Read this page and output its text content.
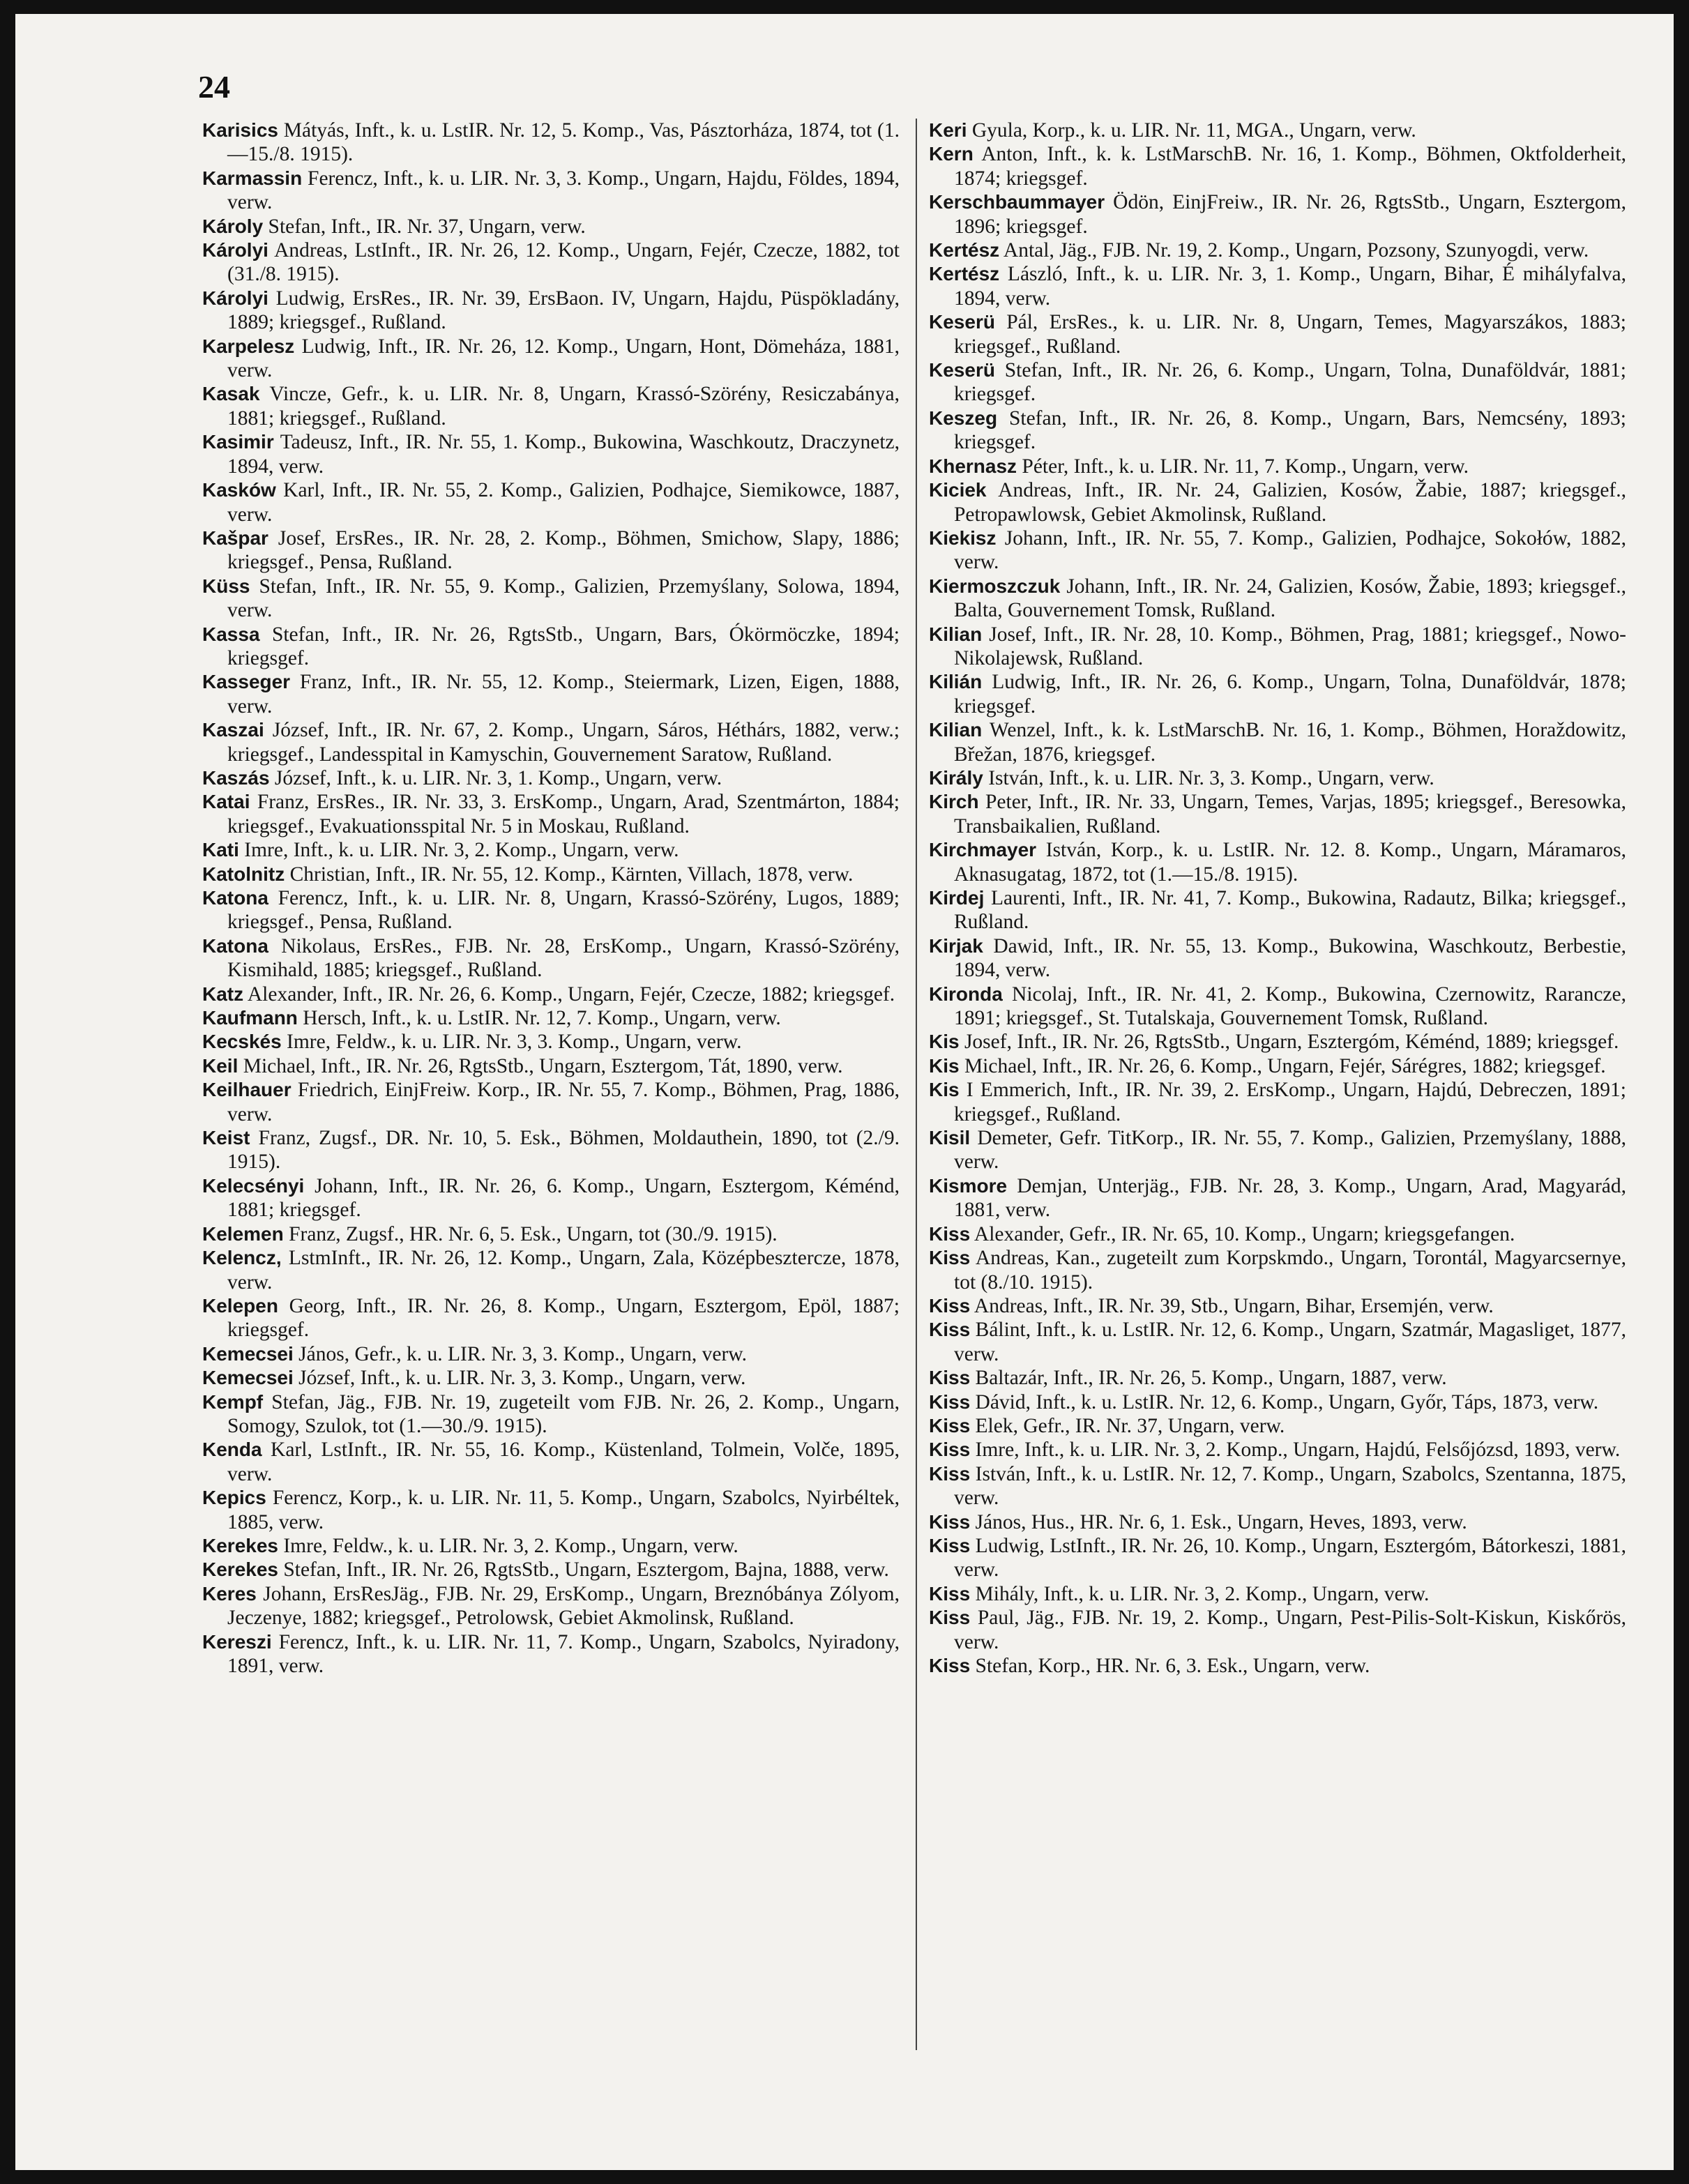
24

Karisics Mátyás, Inft., k. u. LstIR. Nr. 12, 5. Komp., Vas, Pásztorháza, 1874, tot (1.—15./8. 1915).

Karmassin Ferencz, Inft., k. u. LIR. Nr. 3, 3. Komp., Ungarn, Hajdu, Földes, 1894, verw.

Károly Stefan, Inft., IR. Nr. 37, Ungarn, verw.

Károlyi Andreas, LstInft., IR. Nr. 26, 12. Komp., Ungarn, Fejér, Czecze, 1882, tot (31./8. 1915).

Károlyi Ludwig, ErsRes., IR. Nr. 39, ErsBaon. IV, Ungarn, Hajdu, Püspökladány, 1889; kriegsgef., Rußland.

Karpelesz Ludwig, Inft., IR. Nr. 26, 12. Komp., Ungarn, Hont, Dömeháza, 1881, verw.

Kasak Vincze, Gefr., k. u. LIR. Nr. 8, Ungarn, Krassó-Szörény, Resiczabánya, 1881; kriegsgef., Rußland.

Kasimir Tadeusz, Inft., IR. Nr. 55, 1. Komp., Bukowina, Waschkoutz, Draczynetz, 1894, verw.

Kasków Karl, Inft., IR. Nr. 55, 2. Komp., Galizien, Podhajce, Siemikowce, 1887, verw.

Kašpar Josef, ErsRes., IR. Nr. 28, 2. Komp., Böhmen, Smichow, Slapy, 1886; kriegsgef., Pensa, Rußland.

Küss Stefan, Inft., IR. Nr. 55, 9. Komp., Galizien, Przemyślany, Solowa, 1894, verw.

Kassa Stefan, Inft., IR. Nr. 26, RgtsStb., Ungarn, Bars, Ókörmöczke, 1894; kriegsgef.

Kasseger Franz, Inft., IR. Nr. 55, 12. Komp., Steiermark, Lizen, Eigen, 1888, verw.

Kaszai József, Inft., IR. Nr. 67, 2. Komp., Ungarn, Sáros, Héthárs, 1882, verw.; kriegsgef., Landesspital in Kamyschin, Gouvernement Saratow, Rußland.

Kaszás József, Inft., k. u. LIR. Nr. 3, 1. Komp., Ungarn, verw.

Katai Franz, ErsRes., IR. Nr. 33, 3. ErsKomp., Ungarn, Arad, Szentmárton, 1884; kriegsgef., Evakuationsspital Nr. 5 in Moskau, Rußland.

Kati Imre, Inft., k. u. LIR. Nr. 3, 2. Komp., Ungarn, verw.

Katolnitz Christian, Inft., IR. Nr. 55, 12. Komp., Kärnten, Villach, 1878, verw.

Katona Ferencz, Inft., k. u. LIR. Nr. 8, Ungarn, Krassó-Szörény, Lugos, 1889; kriegsgef., Pensa, Rußland.

Katona Nikolaus, ErsRes., FJB. Nr. 28, ErsKomp., Ungarn, Krassó-Szörény, Kismihald, 1885; kriegsgef., Rußland.

Katz Alexander, Inft., IR. Nr. 26, 6. Komp., Ungarn, Fejér, Czecze, 1882; kriegsgef.

Kaufmann Hersch, Inft., k. u. LstIR. Nr. 12, 7. Komp., Ungarn, verw.

Kecskés Imre, Feldw., k. u. LIR. Nr. 3, 3. Komp., Ungarn, verw.

Keil Michael, Inft., IR. Nr. 26, RgtsStb., Ungarn, Esztergom, Tát, 1890, verw.

Keilhauer Friedrich, EinjFreiw. Korp., IR. Nr. 55, 7. Komp., Böhmen, Prag, 1886, verw.

Keist Franz, Zugsf., DR. Nr. 10, 5. Esk., Böhmen, Moldauthein, 1890, tot (2./9. 1915).

Kelecsényi Johann, Inft., IR. Nr. 26, 6. Komp., Ungarn, Esztergom, Kéménd, 1881; kriegsgef.

Kelemen Franz, Zugsf., HR. Nr. 6, 5. Esk., Ungarn, tot (30./9. 1915).

Kelencz, LstmInft., IR. Nr. 26, 12. Komp., Ungarn, Zala, Középbesztercze, 1878, verw.

Kelepen Georg, Inft., IR. Nr. 26, 8. Komp., Ungarn, Esztergom, Epöl, 1887; kriegsgef.

Kemecsei János, Gefr., k. u. LIR. Nr. 3, 3. Komp., Ungarn, verw.

Kemecsei József, Inft., k. u. LIR. Nr. 3, 3. Komp., Ungarn, verw.

Kempf Stefan, Jäg., FJB. Nr. 19, zugeteilt vom FJB. Nr. 26, 2. Komp., Ungarn, Somogy, Szulok, tot (1.—30./9. 1915).

Kenda Karl, LstInft., IR. Nr. 55, 16. Komp., Küstenland, Tolmein, Volče, 1895, verw.

Kepics Ferencz, Korp., k. u. LIR. Nr. 11, 5. Komp., Ungarn, Szabolcs, Nyirbéltek, 1885, verw.

Kerekes Imre, Feldw., k. u. LIR. Nr. 3, 2. Komp., Ungarn, verw.

Kerekes Stefan, Inft., IR. Nr. 26, RgtsStb., Ungarn, Esztergom, Bajna, 1888, verw.

Keres Johann, ErsResJäg., FJB. Nr. 29, ErsKomp., Ungarn, Breznóbánya Zólyom, Jeczenye, 1882; kriegsgef., Petrolowsk, Gebiet Akmolinsk, Rußland.

Kereszi Ferencz, Inft., k. u. LIR. Nr. 11, 7. Komp., Ungarn, Szabolcs, Nyiradony, 1891, verw.

Keri Gyula, Korp., k. u. LIR. Nr. 11, MGA., Ungarn, verw.

Kern Anton, Inft., k. k. LstMarschB. Nr. 16, 1. Komp., Böhmen, Oktfolderheit, 1874; kriegsgef.

Kerschbaummayer Ödön, EinjFreiw., IR. Nr. 26, RgtsStb., Ungarn, Esztergom, 1896; kriegsgef.

Kertész Antal, Jäg., FJB. Nr. 19, 2. Komp., Ungarn, Pozsony, Szunyogdi, verw.

Kertész László, Inft., k. u. LIR. Nr. 3, 1. Komp., Ungarn, Bihar, É mihályfalva, 1894, verw.

Keserü Pál, ErsRes., k. u. LIR. Nr. 8, Ungarn, Temes, Magyarszákos, 1883; kriegsgef., Rußland.

Keserü Stefan, Inft., IR. Nr. 26, 6. Komp., Ungarn, Tolna, Dunaföldvár, 1881; kriegsgef.

Keszeg Stefan, Inft., IR. Nr. 26, 8. Komp., Ungarn, Bars, Nemcsény, 1893; kriegsgef.

Khernasz Péter, Inft., k. u. LIR. Nr. 11, 7. Komp., Ungarn, verw.

Kiciek Andreas, Inft., IR. Nr. 24, Galizien, Kosów, Žabie, 1887; kriegsgef., Petropawlowsk, Gebiet Akmolinsk, Rußland.

Kiekisz Johann, Inft., IR. Nr. 55, 7. Komp., Galizien, Podhajce, Sokołów, 1882, verw.

Kiermoszczuk Johann, Inft., IR. Nr. 24, Galizien, Kosów, Žabie, 1893; kriegsgef., Balta, Gouvernement Tomsk, Rußland.

Kilian Josef, Inft., IR. Nr. 28, 10. Komp., Böhmen, Prag, 1881; kriegsgef., Nowo-Nikolajewsk, Rußland.

Kilián Ludwig, Inft., IR. Nr. 26, 6. Komp., Ungarn, Tolna, Dunaföldvár, 1878; kriegsgef.

Kilian Wenzel, Inft., k. k. LstMarschB. Nr. 16, 1. Komp., Böhmen, Horaždowitz, Břežan, 1876, kriegsgef.

Király István, Inft., k. u. LIR. Nr. 3, 3. Komp., Ungarn, verw.

Kirch Peter, Inft., IR. Nr. 33, Ungarn, Temes, Varjas, 1895; kriegsgef., Beresowka, Transbaikalien, Rußland.

Kirchmayer István, Korp., k. u. LstIR. Nr. 12. 8. Komp., Ungarn, Máramaros, Aknasugatag, 1872, tot (1.—15./8. 1915).

Kirdej Laurenti, Inft., IR. Nr. 41, 7. Komp., Bukowina, Radautz, Bilka; kriegsgef., Rußland.

Kirjak Dawid, Inft., IR. Nr. 55, 13. Komp., Bukowina, Waschkoutz, Berbestie, 1894, verw.

Kironda Nicolaj, Inft., IR. Nr. 41, 2. Komp., Bukowina, Czernowitz, Rarancze, 1891; kriegsgef., St. Tutalskaja, Gouvernement Tomsk, Rußland.

Kis Josef, Inft., IR. Nr. 26, RgtsStb., Ungarn, Esztergóm, Kéménd, 1889; kriegsgef.

Kis Michael, Inft., IR. Nr. 26, 6. Komp., Ungarn, Fejér, Sárégres, 1882; kriegsgef.

Kis I Emmerich, Inft., IR. Nr. 39, 2. ErsKomp., Ungarn, Hajdú, Debreczen, 1891; kriegsgef., Rußland.

Kisil Demeter, Gefr. TitKorp., IR. Nr. 55, 7. Komp., Galizien, Przemyślany, 1888, verw.

Kismore Demjan, Unterjäg., FJB. Nr. 28, 3. Komp., Ungarn, Arad, Magyarád, 1881, verw.

Kiss Alexander, Gefr., IR. Nr. 65, 10. Komp., Ungarn; kriegsgefangen.

Kiss Andreas, Kan., zugeteilt zum Korpskmdo., Ungarn, Torontál, Magyarcsernye, tot (8./10. 1915).

Kiss Andreas, Inft., IR. Nr. 39, Stb., Ungarn, Bihar, Ersemjén, verw.

Kiss Bálint, Inft., k. u. LstIR. Nr. 12, 6. Komp., Ungarn, Szatmár, Magasliget, 1877, verw.

Kiss Baltazár, Inft., IR. Nr. 26, 5. Komp., Ungarn, 1887, verw.

Kiss Dávid, Inft., k. u. LstIR. Nr. 12, 6. Komp., Ungarn, Győr, Táps, 1873, verw.

Kiss Elek, Gefr., IR. Nr. 37, Ungarn, verw.

Kiss Imre, Inft., k. u. LIR. Nr. 3, 2. Komp., Ungarn, Hajdú, Felsőjózsd, 1893, verw.

Kiss István, Inft., k. u. LstIR. Nr. 12, 7. Komp., Ungarn, Szabolcs, Szentanna, 1875, verw.

Kiss János, Hus., HR. Nr. 6, 1. Esk., Ungarn, Heves, 1893, verw.

Kiss Ludwig, LstInft., IR. Nr. 26, 10. Komp., Ungarn, Esztergóm, Bátorkeszi, 1881, verw.

Kiss Mihály, Inft., k. u. LIR. Nr. 3, 2. Komp., Ungarn, verw.

Kiss Paul, Jäg., FJB. Nr. 19, 2. Komp., Ungarn, Pest-Pilis-Solt-Kiskun, Kiskőrös, verw.

Kiss Stefan, Korp., HR. Nr. 6, 3. Esk., Ungarn, verw.
